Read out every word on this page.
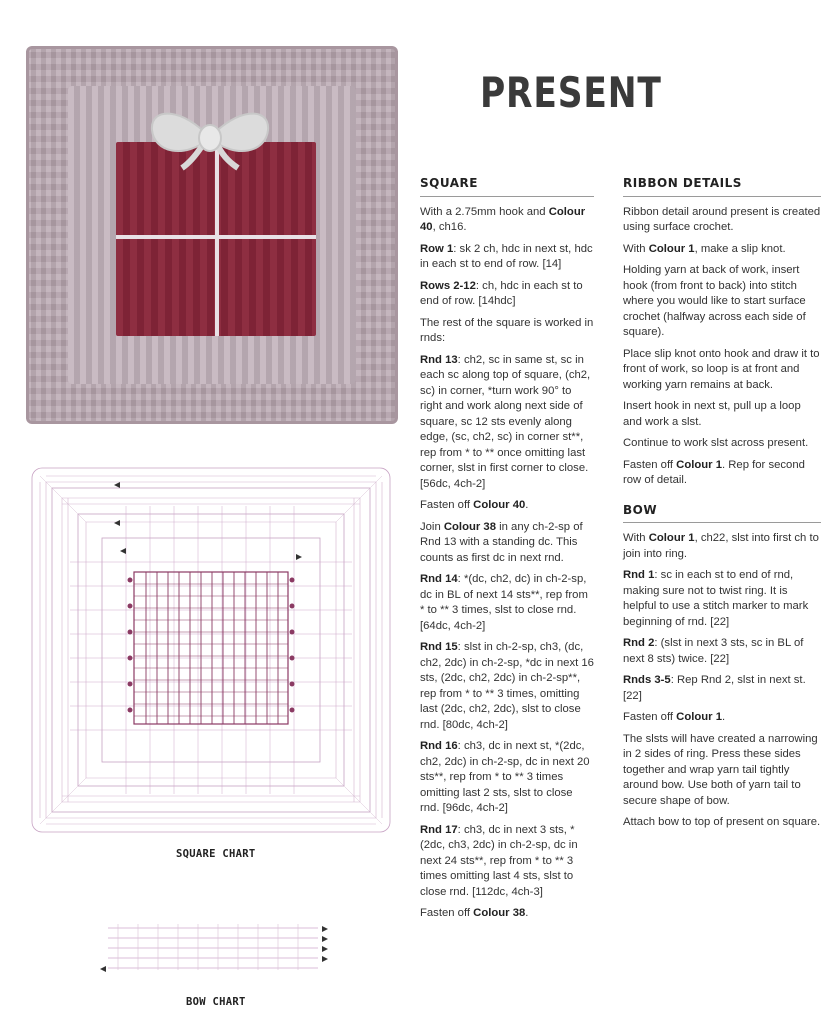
SQUARE CHART
BOW CHART
PRESENT
SQUARE

With a 2.75mm hook and Colour 40, ch16.

Row 1: sk 2 ch, hdc in next st, hdc in each st to end of row. [14]

Rows 2-12: ch, hdc in each st to end of row. [14hdc]

The rest of the square is worked in rnds:

Rnd 13: ch2, sc in same st, sc in each sc along top of square, (ch2, sc) in corner, *turn work 90° to right and work along next side of square, sc 12 sts evenly along edge, (sc, ch2, sc) in corner st**, rep from * to ** once omitting last corner, slst in first corner to close. [56dc, 4ch-2]

Fasten off Colour 40.

Join Colour 38 in any ch-2-sp of Rnd 13 with a standing dc. This counts as first dc in next rnd.

Rnd 14: *(dc, ch2, dc) in ch-2-sp, dc in BL of next 14 sts**, rep from * to ** 3 times, slst to close rnd. [64dc, 4ch-2]

Rnd 15: slst in ch-2-sp, ch3, (dc, ch2, 2dc) in ch-2-sp, *dc in next 16 sts, (2dc, ch2, 2dc) in ch-2-sp**, rep from * to ** 3 times, omitting last (2dc, ch2, 2dc), slst to close rnd. [80dc, 4ch-2]

Rnd 16: ch3, dc in next st, *(2dc, ch2, 2dc) in ch-2-sp, dc in next 20 sts**, rep from * to ** 3 times omitting last 2 sts, slst to close rnd. [96dc, 4ch-2]

Rnd 17: ch3, dc in next 3 sts, *(2dc, ch3, 2dc) in ch-2-sp, dc in next 24 sts**, rep from * to ** 3 times omitting last 4 sts, slst to close rnd. [112dc, 4ch-3]

Fasten off Colour 38.

RIBBON DETAILS

Ribbon detail around present is created using surface crochet.

With Colour 1, make a slip knot.

Holding yarn at back of work, insert hook (from front to back) into stitch where you would like to start surface crochet (halfway across each side of square).

Place slip knot onto hook and draw it to front of work, so loop is at front and working yarn remains at back.

Insert hook in next st, pull up a loop and work a slst.

Continue to work slst across present.

Fasten off Colour 1. Rep for second row of detail.

BOW

With Colour 1, ch22, slst into first ch to join into ring.

Rnd 1: sc in each st to end of rnd, making sure not to twist ring. It is helpful to use a stitch marker to mark beginning of rnd. [22]

Rnd 2: (slst in next 3 sts, sc in BL of next 8 sts) twice. [22]

Rnds 3-5: Rep Rnd 2, slst in next st. [22]

Fasten off Colour 1.

The slsts will have created a narrowing in 2 sides of ring. Press these sides together and wrap yarn tail tightly around bow. Use both of yarn tail to secure shape of bow.

Attach bow to top of present on square.
